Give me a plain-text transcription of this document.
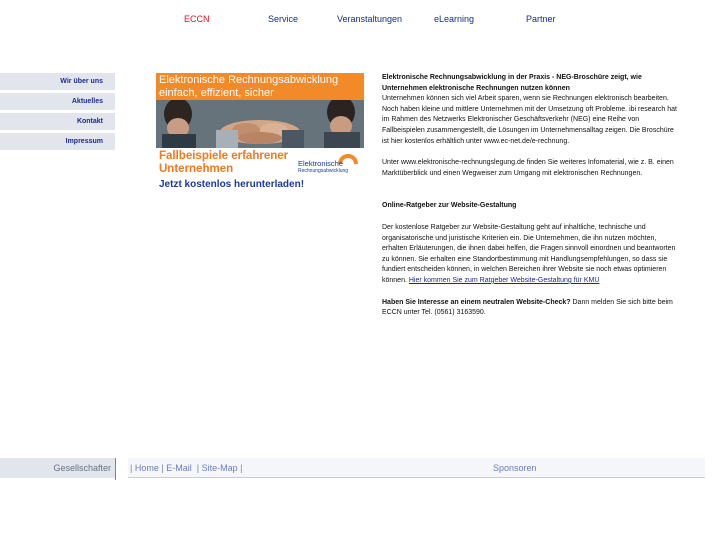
ECCN	Service	Veranstaltungen	eLearning	Partner
Wir über uns
Aktuelles
Kontakt
Impressum
Elektronische Rechnungsabwicklung
einfach, effizient, sicher
Fallbeispiele erfahrener
Unternehmen
Jetzt kostenlos herunterladen!
Elektronische
Rechnungsabwicklung

Elektronische Rechnungsabwicklung in der Praxis - NEG-Broschüre zeigt, wie Unternehmen elektronische Rechnungen nutzen können

Unternehmen können sich viel Arbeit sparen, wenn sie Rechnungen elektronisch bearbeiten. Noch haben kleine und mittlere Unternehmen mit der Umsetzung oft Probleme. ibi research hat im Rahmen des Netzwerks Elektronischer Geschäftsverkehr (NEG) eine Reihe von Fallbeispielen zusammengestellt, die Lösungen im Unternehmensalltag zeigen. Die Broschüre ist hier kostenlos erhältlich unter www.ec-net.de/e-rechnung.

Unter www.elektronische-rechnungslegung.de finden Sie weiteres Infomaterial, wie z. B. einen Marktüberblick und einen Wegweiser zum Umgang mit elektronischen Rechnungen.

Online-Ratgeber zur Website-Gestaltung

Der kostenlose Ratgeber zur Website-Gestaltung geht auf inhaltliche, technische und organisatorische und juristische Kriterien ein. Die Unternehmen, die ihn nutzen möchten, erhalten Erläuterungen, die ihnen dabei helfen, die Fragen sinnvoll einordnen und beantworten zu können. Sie erhalten eine Standortbestimmung mit Handlungsempfehlungen, so dass sie fundiert entscheiden können, in welchen Bereichen ihrer Website sie noch etwas optimieren können. Hier kommen Sie zum Ratgeber Website-Gestaltung für KMU

Haben Sie Interesse an einem neutralen Website-Check? Dann melden Sie sich bitte beim ECCN unter Tel. (0561) 3163590.

Gesellschafter	| Home | E-Mail | Site-Map |	Sponsoren
